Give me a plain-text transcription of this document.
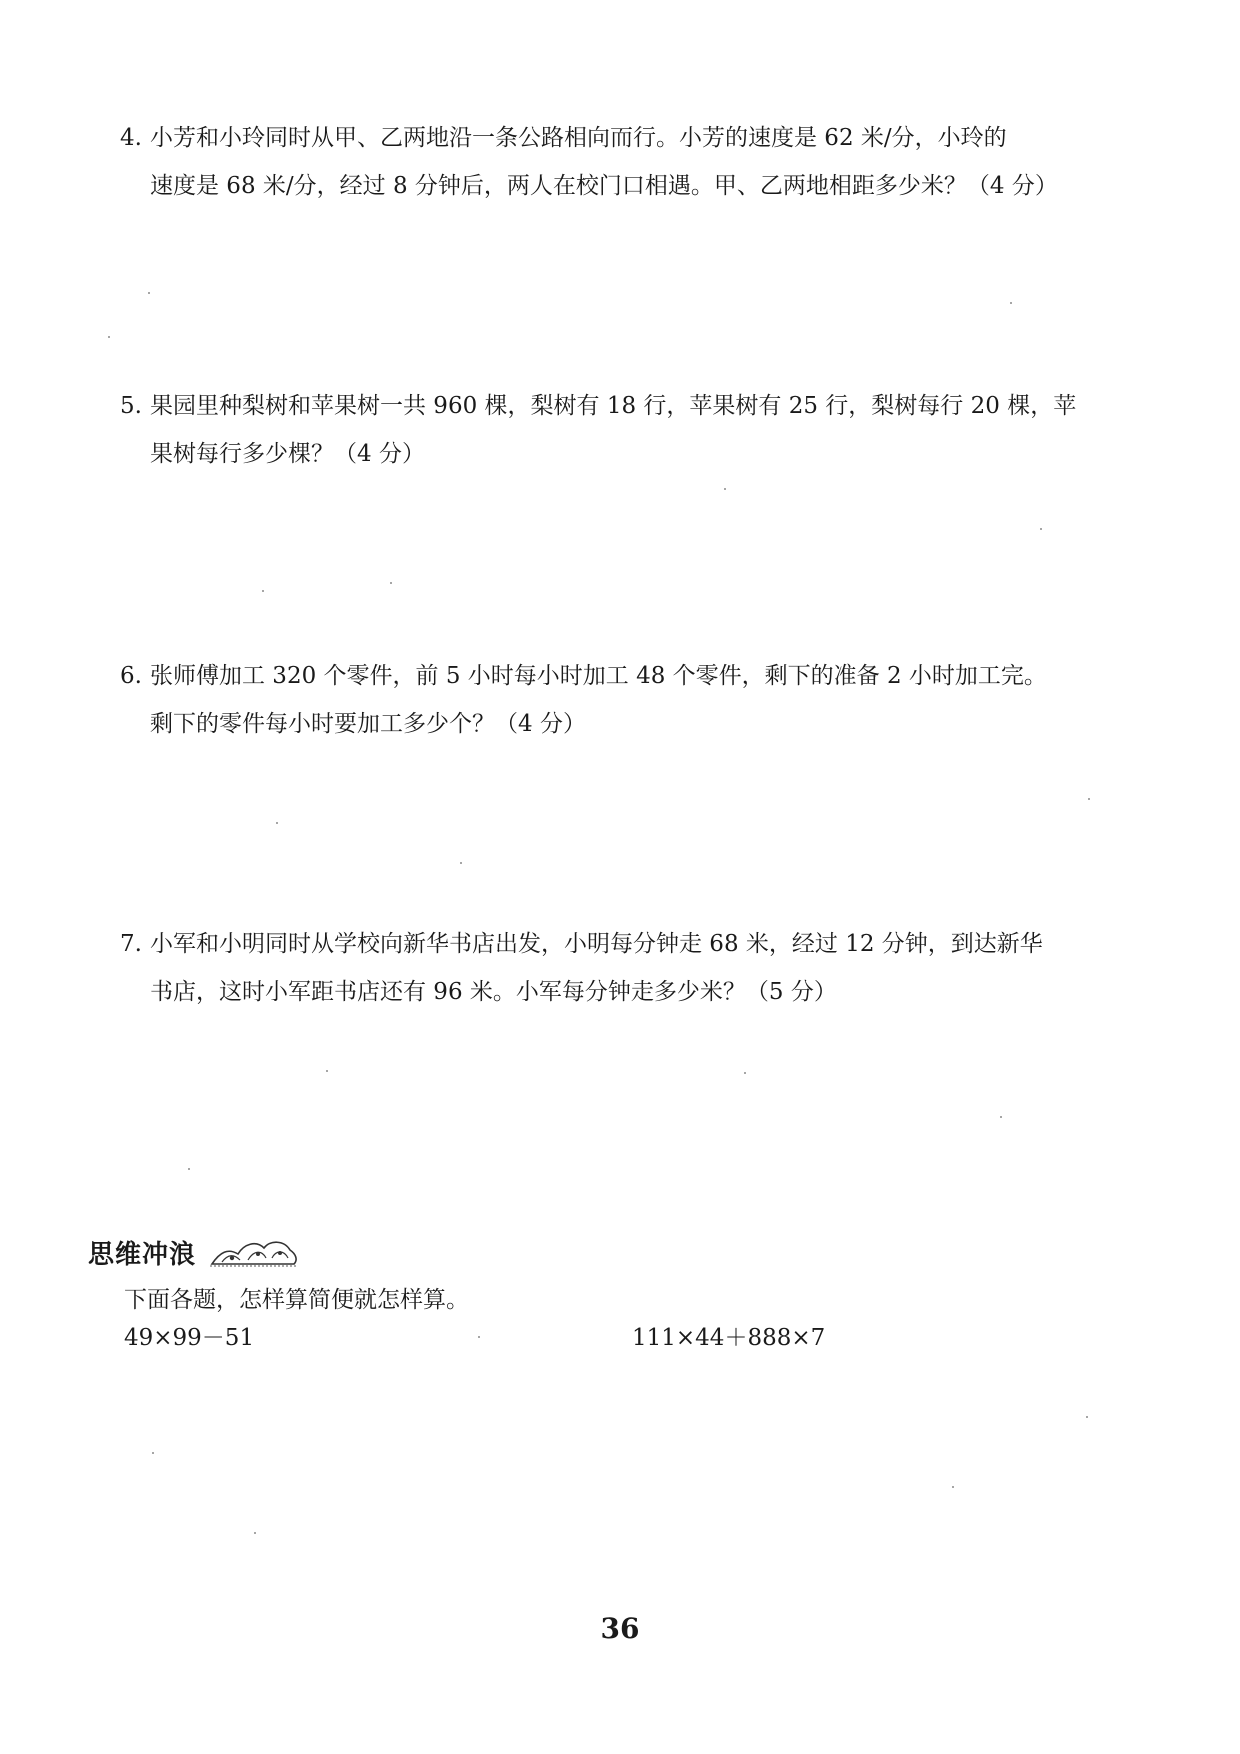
4. 小芳和小玲同时从甲、乙两地沿一条公路相向而行。小芳的速度是 62 米/分，小玲的
速度是 68 米/分，经过 8 分钟后，两人在校门口相遇。甲、乙两地相距多少米？（4 分）
5. 果园里种梨树和苹果树一共 960 棵，梨树有 18 行，苹果树有 25 行，梨树每行 20 棵，苹
果树每行多少棵？（4 分）
6. 张师傅加工 320 个零件，前 5 小时每小时加工 48 个零件，剩下的准备 2 小时加工完。
剩下的零件每小时要加工多少个？（4 分）
7. 小军和小明同时从学校向新华书店出发，小明每分钟走 68 米，经过 12 分钟，到达新华
书店，这时小军距书店还有 96 米。小军每分钟走多少米？（5 分）
思维冲浪
下面各题，怎样算简便就怎样算。
49×99－51	111×44＋888×7
36
